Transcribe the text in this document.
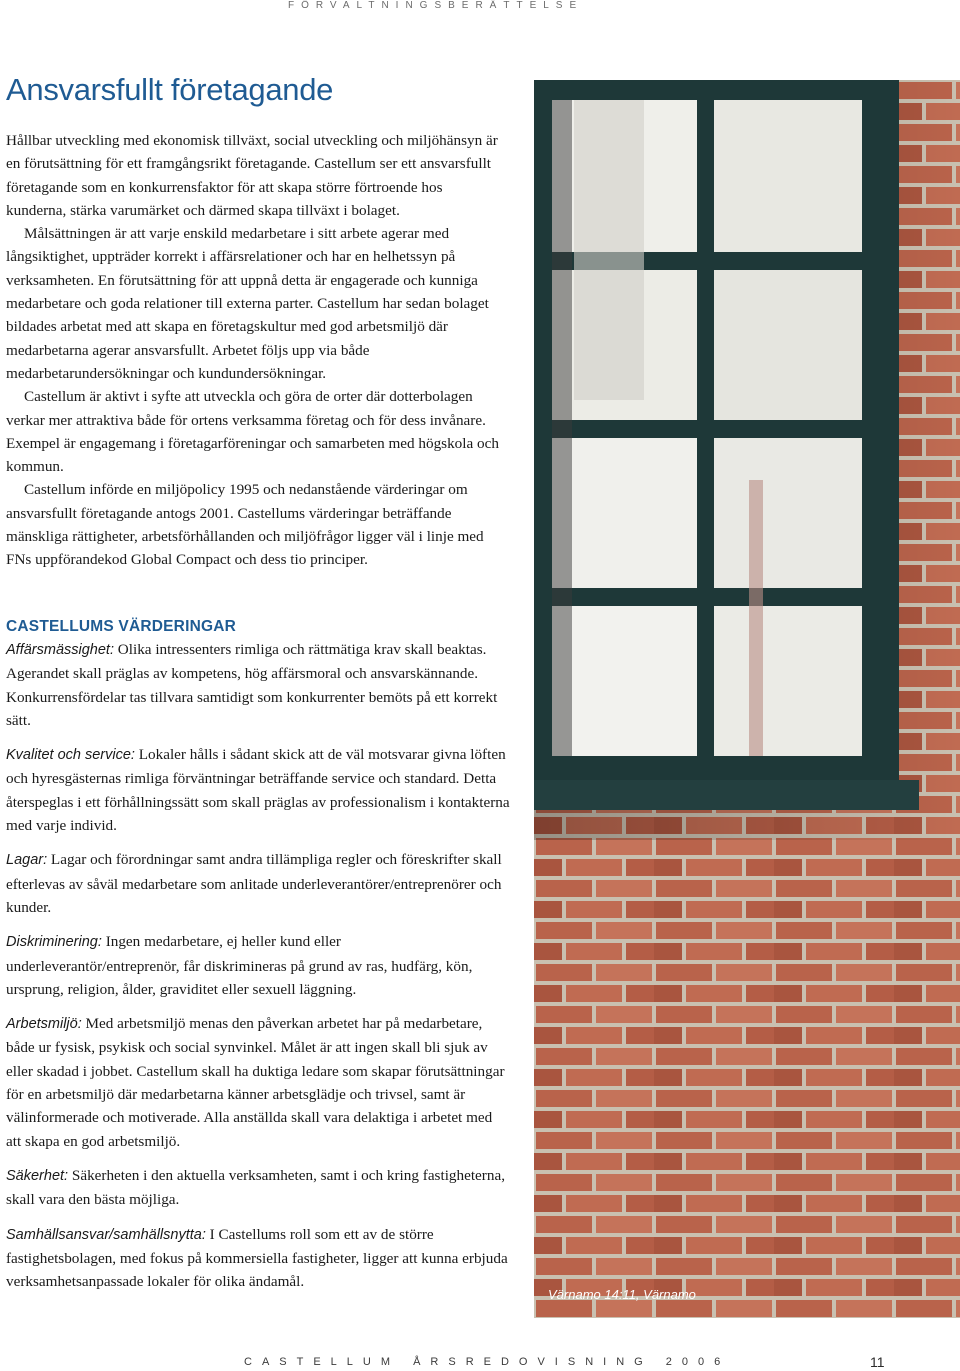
FÖRVALTNINGSBERÄTTELSE
Ansvarsfullt företagande

Hållbar utveckling med ekonomisk tillväxt, social utveckling och miljöhänsyn är en förutsättning för ett framgångsrikt företagande. Castellum ser ett ansvarsfullt företagande som en konkurrensfaktor för att skapa större förtroende hos kunderna, stärka varumärket och därmed skapa tillväxt i bolaget.

Målsättningen är att varje enskild medarbetare i sitt arbete agerar med långsiktighet, uppträder korrekt i affärsrelationer och har en helhetssyn på verksamheten. En förutsättning för att uppnå detta är engagerade och kunniga medarbetare och goda relationer till externa parter. Castellum har sedan bolaget bildades arbetat med att skapa en företagskultur med god arbetsmiljö där medarbetarna agerar ansvarsfullt. Arbetet följs upp via både medarbetarundersökningar och kundundersökningar.

Castellum är aktivt i syfte att utveckla och göra de orter där dotterbolagen verkar mer attraktiva både för ortens verksamma företag och för dess invånare. Exempel är engagemang i företagarföreningar och samarbeten med högskola och kommun.

Castellum införde en miljöpolicy 1995 och nedanstående värderingar om ansvarsfullt företagande antogs 2001. Castellums värderingar beträffande mänskliga rättigheter, arbetsförhållanden och miljöfrågor ligger väl i linje med FNs uppförandekod Global Compact och dess tio principer.

CASTELLUMS VÄRDERINGAR

Affärsmässighet: Olika intressenters rimliga och rättmätiga krav skall beaktas. Agerandet skall präglas av kompetens, hög affärsmoral och ansvarskännande. Konkurrensfördelar tas tillvara samtidigt som konkurrenter bemöts på ett korrekt sätt.

Kvalitet och service: Lokaler hålls i sådant skick att de väl motsvarar givna löften och hyresgästernas rimliga förväntningar beträffande service och standard. Detta återspeglas i ett förhållningssätt som skall präglas av professionalism i kontakterna med varje individ.

Lagar: Lagar och förordningar samt andra tillämpliga regler och föreskrifter skall efterlevas av såväl medarbetare som anlitade underleverantörer/entreprenörer och kunder.

Diskriminering: Ingen medarbetare, ej heller kund eller underleverantör/entreprenör, får diskrimineras på grund av ras, hudfärg, kön, ursprung, religion, ålder, graviditet eller sexuell läggning.

Arbetsmiljö: Med arbetsmiljö menas den påverkan arbetet har på medarbetare, både ur fysisk, psykisk och social synvinkel. Målet är att ingen skall bli sjuk av eller skadad i jobbet. Castellum skall ha duktiga ledare som skapar förutsättningar för en arbetsmiljö där medarbetarna känner arbetsglädje och trivsel, samt är välinformerade och motiverade. Alla anställda skall vara delaktiga i arbetet med att skapa en god arbetsmiljö.

Säkerhet: Säkerheten i den aktuella verksamheten, samt i och kring fastigheterna, skall vara den bästa möjliga.

Samhällsansvar/samhällsnytta: I Castellums roll som ett av de större fastighetsbolagen, med fokus på kommersiella fastigheter, ligger att kunna erbjuda verksamhetsanpassade lokaler för olika ändamål.

Värnamo 14:11, Värnamo
CASTELLUM ÅRSREDOVISNING 2006	11
